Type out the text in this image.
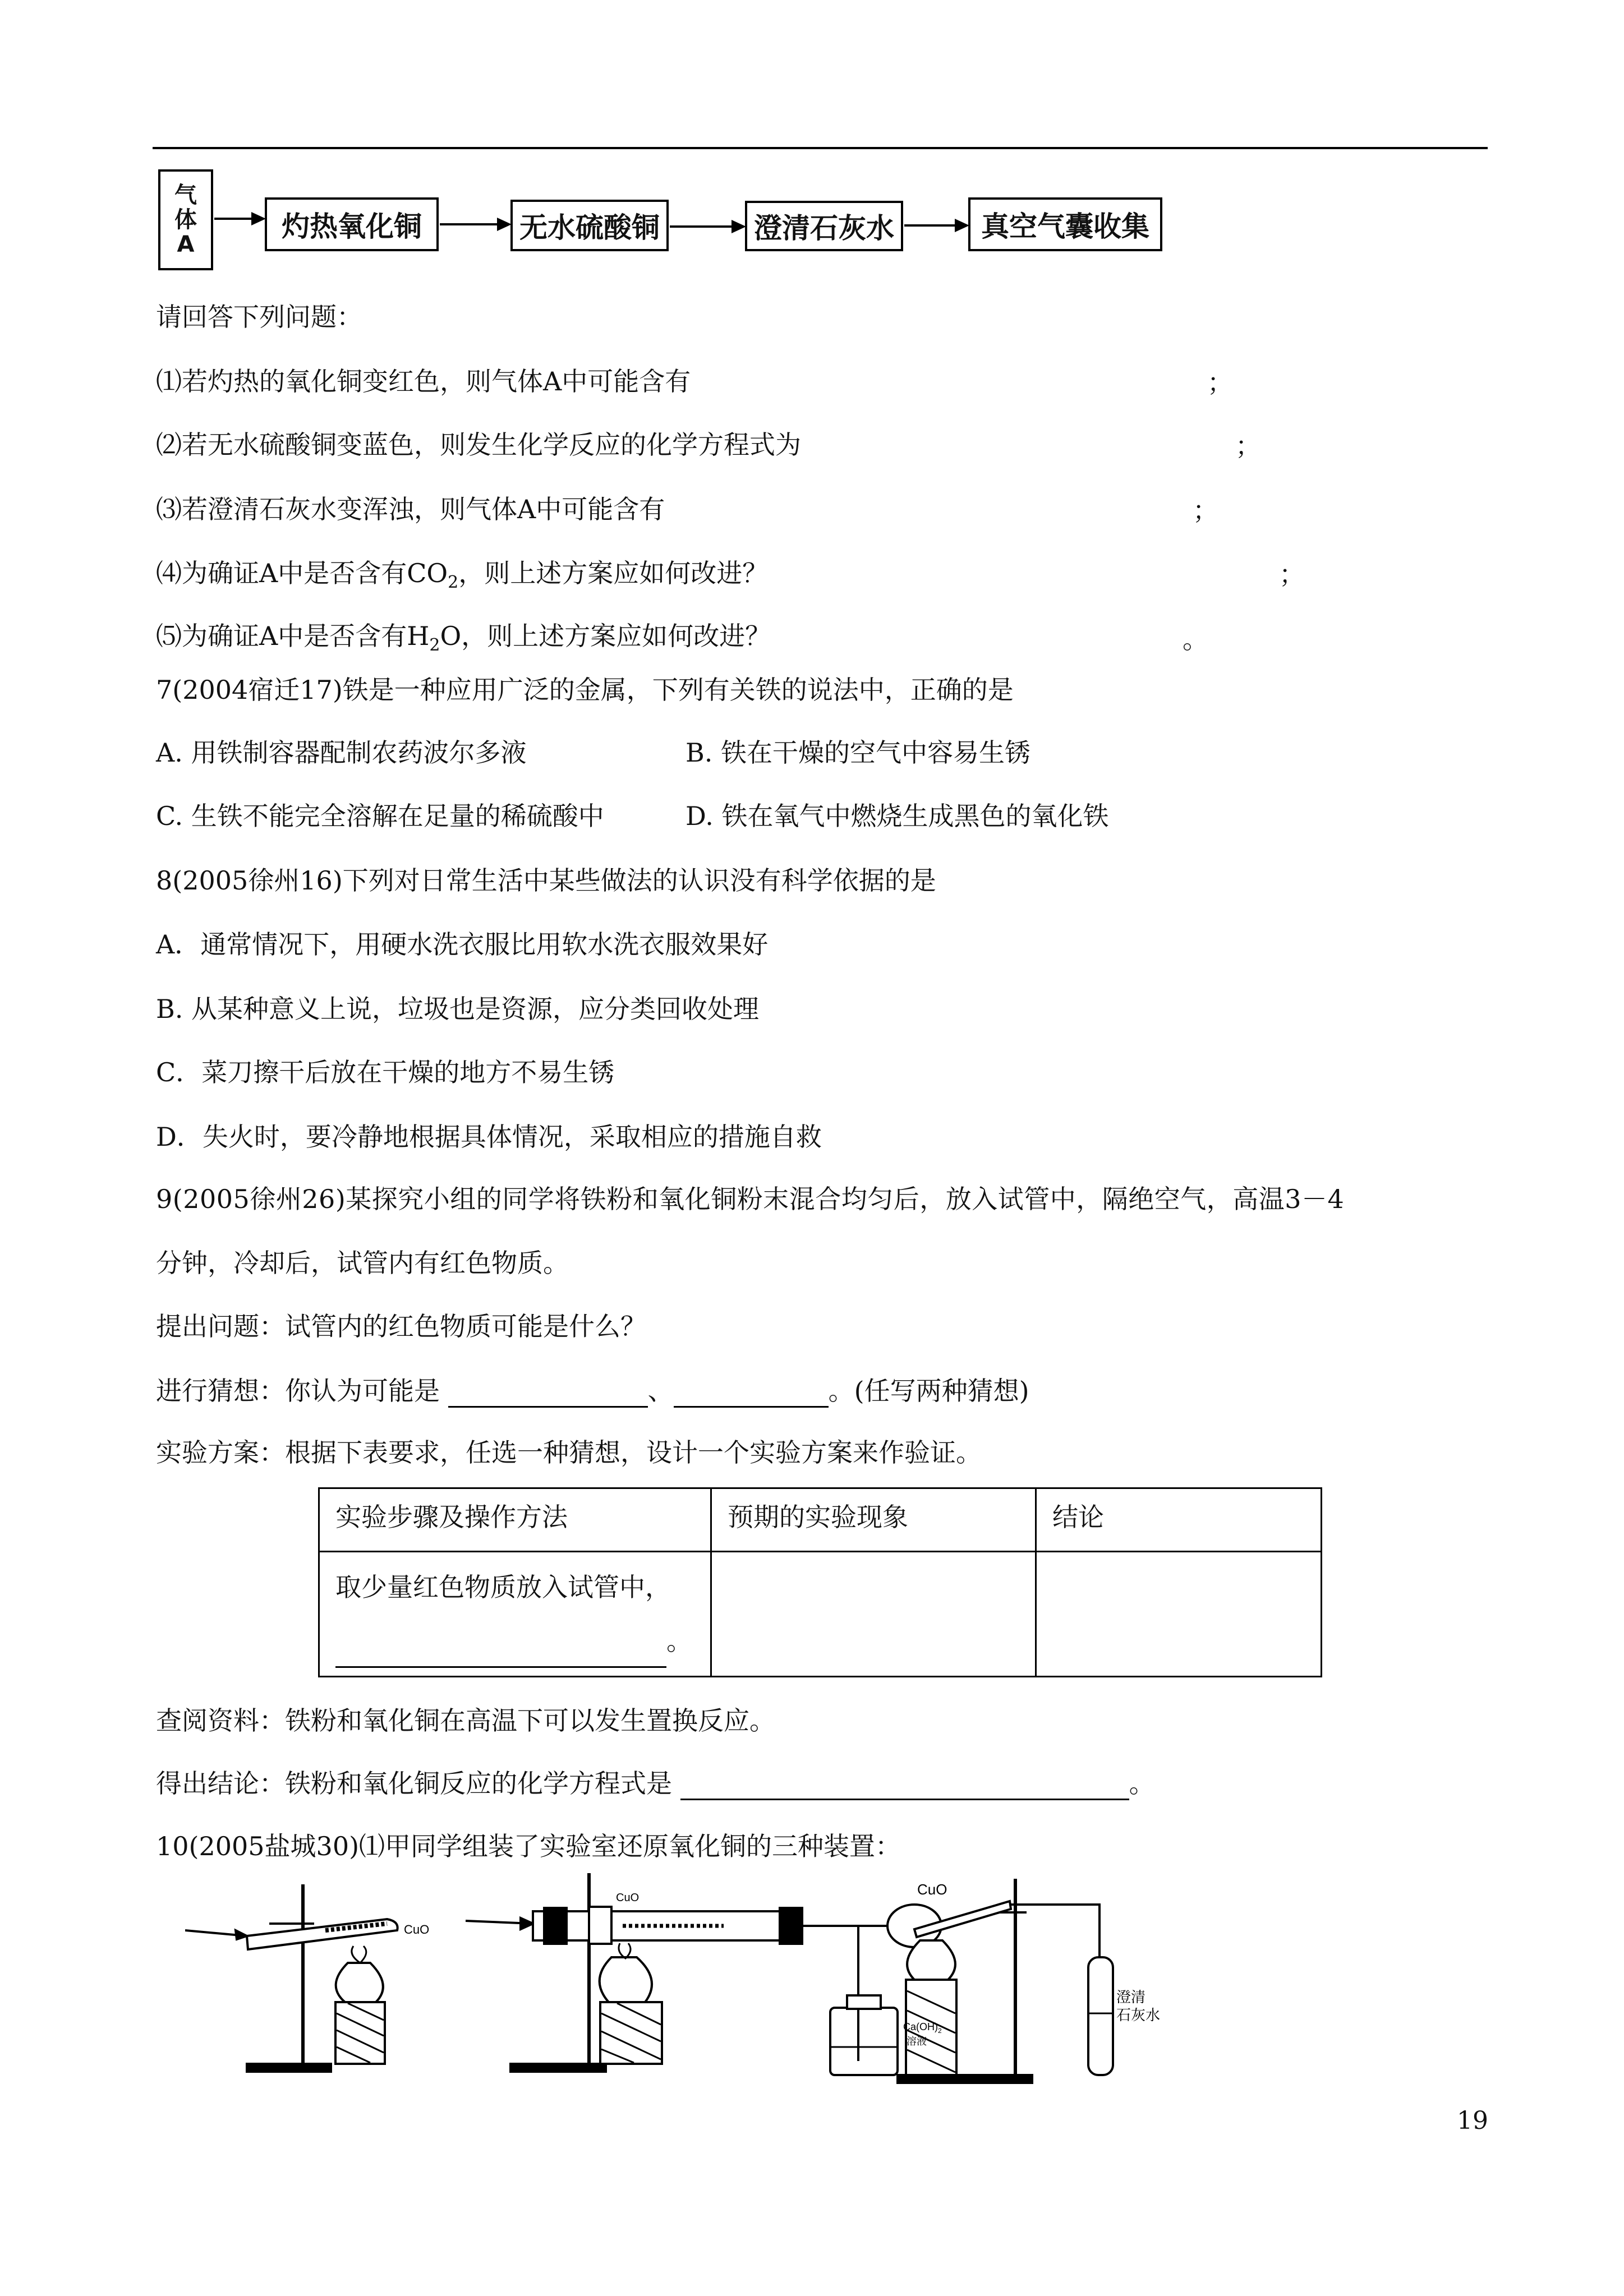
气体A
灼热氧化铜	无水硫酸铜	澄清石灰水	真空气囊收集
请回答下列问题：
⑴若灼热的氧化铜变红色，则气体A中可能含有	；
⑵若无水硫酸铜变蓝色，则发生化学反应的化学方程式为	；
⑶若澄清石灰水变浑浊，则气体A中可能含有	；
⑷为确证A中是否含有$CO_2$，则上述方案应如何改进？	；
⑸为确证A中是否含有$H_2O$，则上述方案应如何改进？	。
7(2004宿迁17)铁是一种应用广泛的金属，下列有关铁的说法中，正确的是
A. 用铁制容器配制农药波尔多液	B. 铁在干燥的空气中容易生锈
C. 生铁不能完全溶解在足量的稀硫酸中	D. 铁在氧气中燃烧生成黑色的氧化铁
8(2005徐州16)下列对日常生活中某些做法的认识没有科学依据的是
A．通常情况下，用硬水洗衣服比用软水洗衣服效果好
B. 从某种意义上说，垃圾也是资源，应分类回收处理
C．菜刀擦干后放在干燥的地方不易生锈
D．失火时，要冷静地根据具体情况，采取相应的措施自救
9(2005徐州26)某探究小组的同学将铁粉和氧化铜粉末混合均匀后，放入试管中，隔绝空气，高温3－4
分钟，冷却后，试管内有红色物质。
提出问题：试管内的红色物质可能是什么？
进行猜想：你认为可能是	、	。(任写两种猜想)
实验方案：根据下表要求，任选一种猜想，设计一个实验方案来作验证。
实验步骤及操作方法	预期的实验现象	结论
取少量红色物质放入试管中，
。		
查阅资料：铁粉和氧化铜在高温下可以发生置换反应。
得出结论：铁粉和氧化铜反应的化学方程式是	。
10(2005盐城30)⑴甲同学组装了实验室还原氧化铜的三种装置：
CuO
CuO
$Ca(OH)_2$
溶液
CuO
澄清
石灰水
19
